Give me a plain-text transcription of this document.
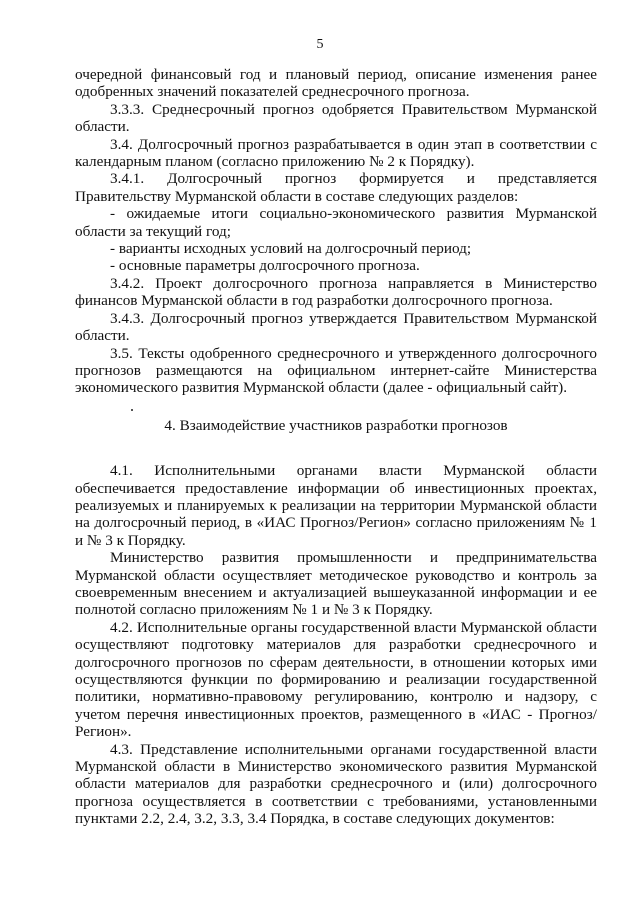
5

очередной финансовый год и плановый период, описание изменения ранее одобренных значений показателей среднесрочного прогноза.

3.3.3. Среднесрочный прогноз одобряется Правительством Мурманской области.

3.4. Долгосрочный прогноз разрабатывается в один этап в соответствии с календарным планом (согласно приложению № 2 к Порядку).

3.4.1. Долгосрочный прогноз формируется и представляется Правительству Мурманской области в составе следующих разделов:

- ожидаемые итоги социально-экономического развития Мурманской области за текущий год;

- варианты исходных условий на долгосрочный период;

- основные параметры долгосрочного прогноза.

3.4.2. Проект долгосрочного прогноза направляется в Министерство финансов Мурманской области в год разработки долгосрочного прогноза.

3.4.3. Долгосрочный прогноз утверждается Правительством Мурманской области.

3.5. Тексты одобренного среднесрочного и утвержденного долгосрочного прогнозов размещаются на официальном интернет-сайте Министерства экономического развития Мурманской области (далее - официальный сайт).

4. Взаимодействие участников разработки прогнозов

4.1. Исполнительными органами власти Мурманской области обеспечивается предоставление информации об инвестиционных проектах, реализуемых и планируемых к реализации на территории Мурманской области на долгосрочный период, в «ИАС Прогноз/Регион» согласно приложениям № 1 и № 3 к Порядку.

Министерство развития промышленности и предпринимательства Мурманской области осуществляет методическое руководство и контроль за своевременным внесением и актуализацией вышеуказанной информации и ее полнотой согласно приложениям № 1 и № 3 к Порядку.

4.2. Исполнительные органы государственной власти Мурманской области осуществляют подготовку материалов для разработки среднесрочного и долгосрочного прогнозов по сферам деятельности, в отношении которых ими осуществляются функции по формированию и реализации государственной политики, нормативно-правовому регулированию, контролю и надзору, с учетом перечня инвестиционных проектов, размещенного в «ИАС - Прогноз/Регион».

4.3. Представление исполнительными органами государственной власти Мурманской области в Министерство экономического развития Мурманской области материалов для разработки среднесрочного и (или) долгосрочного прогноза осуществляется в соответствии с требованиями, установленными пунктами 2.2, 2.4, 3.2, 3.3, 3.4 Порядка, в составе следующих документов:
